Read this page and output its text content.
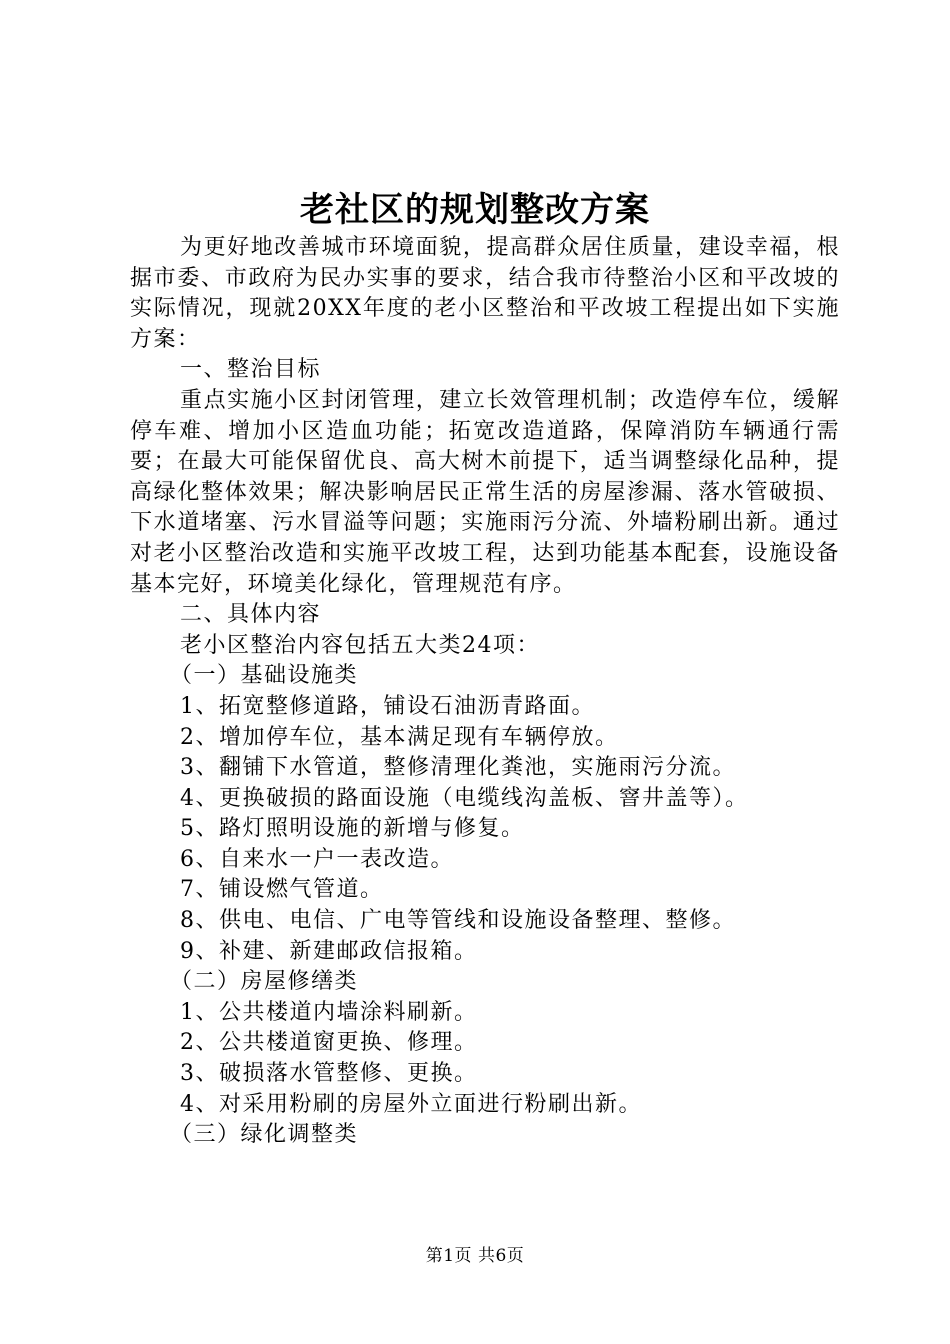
老社区的规划整改方案

为更好地改善城市环境面貌，提高群众居住质量，建设幸福，根据市委、市政府为民办实事的要求，结合我市待整治小区和平改坡的实际情况，现就20XX年度的老小区整治和平改坡工程提出如下实施方案：

一、整治目标

重点实施小区封闭管理，建立长效管理机制；改造停车位，缓解停车难、增加小区造血功能；拓宽改造道路，保障消防车辆通行需要；在最大可能保留优良、高大树木前提下，适当调整绿化品种，提高绿化整体效果；解决影响居民正常生活的房屋渗漏、落水管破损、下水道堵塞、污水冒溢等问题；实施雨污分流、外墙粉刷出新。通过对老小区整治改造和实施平改坡工程，达到功能基本配套，设施设备基本完好，环境美化绿化，管理规范有序。

二、具体内容

老小区整治内容包括五大类24项：

（一）基础设施类

1、拓宽整修道路，铺设石油沥青路面。

2、增加停车位，基本满足现有车辆停放。

3、翻铺下水管道，整修清理化粪池，实施雨污分流。

4、更换破损的路面设施（电缆线沟盖板、窨井盖等）。

5、路灯照明设施的新增与修复。

6、自来水一户一表改造。

7、铺设燃气管道。

8、供电、电信、广电等管线和设施设备整理、整修。

9、补建、新建邮政信报箱。

（二）房屋修缮类

1、公共楼道内墙涂料刷新。

2、公共楼道窗更换、修理。

3、破损落水管整修、更换。

4、对采用粉刷的房屋外立面进行粉刷出新。

（三）绿化调整类

第1页 共6页
